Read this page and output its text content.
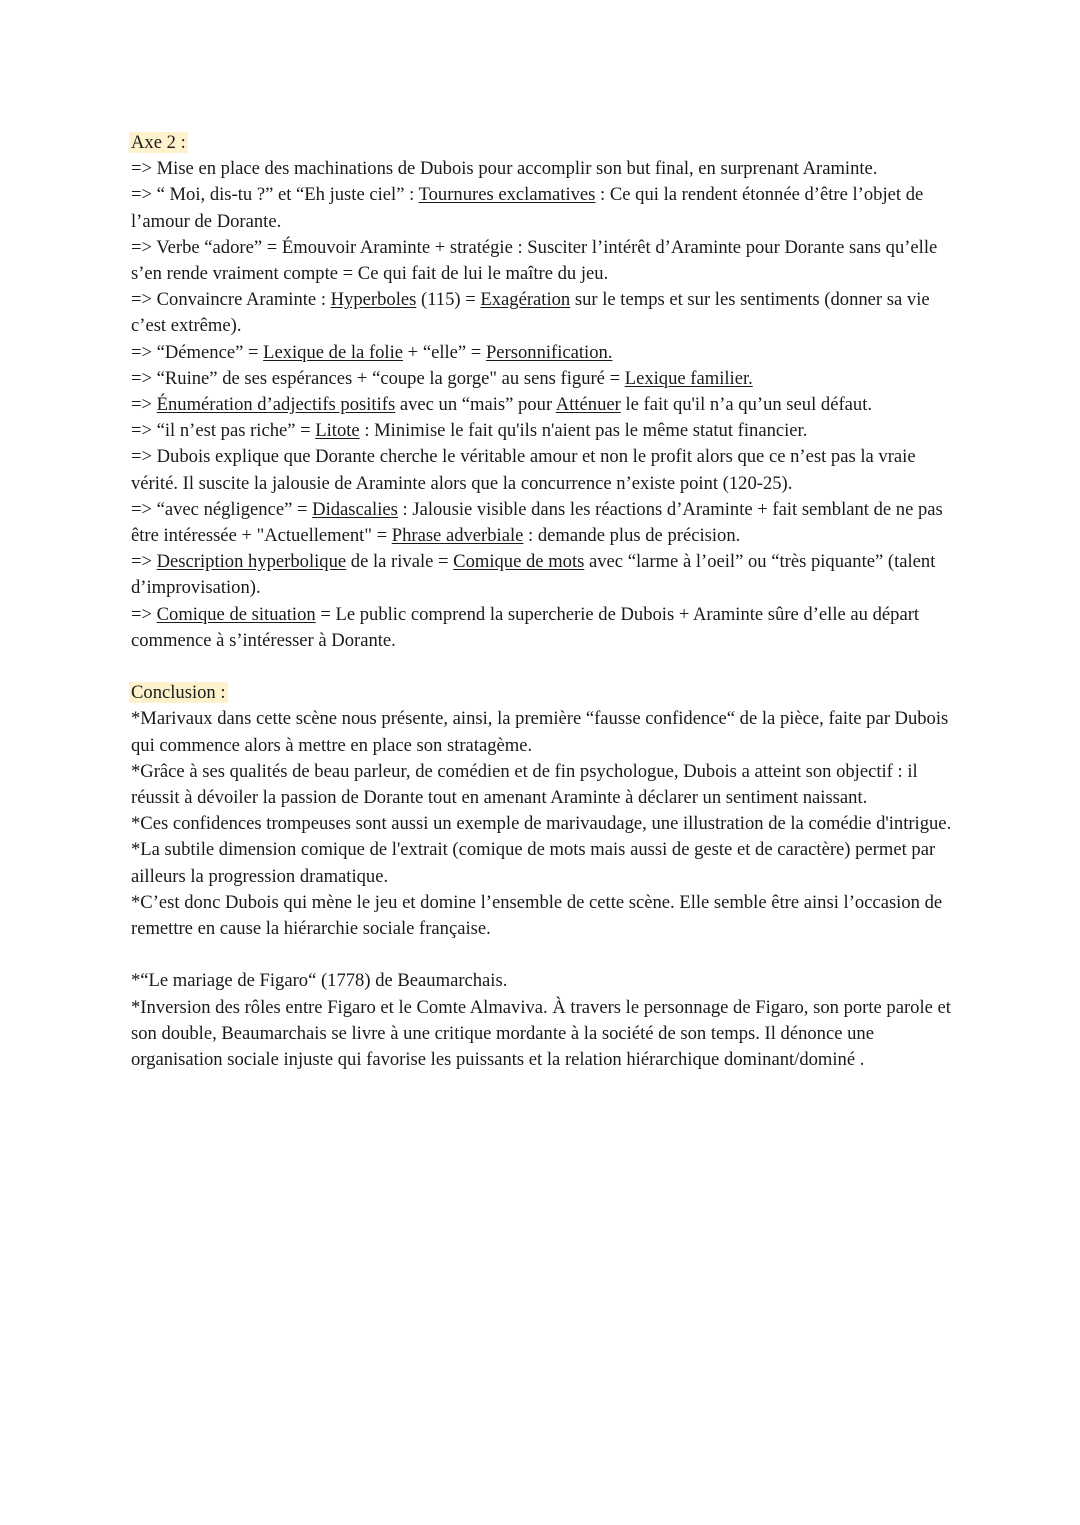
Axe 2 :

=> Mise en place des machinations de Dubois pour accomplir son but final, en surprenant Araminte.

=> “ Moi, dis-tu ?” et “Eh juste ciel” : Tournures exclamatives : Ce qui la rendent étonnée d’être l’objet de l’amour de Dorante.

=> Verbe “adore” = Émouvoir Araminte + stratégie : Susciter l’intérêt d’Araminte pour Dorante sans qu’elle s’en rende vraiment compte = Ce qui fait de lui le maître du jeu.

=> Convaincre Araminte : Hyperboles (115) = Exagération sur le temps et sur les sentiments (donner sa vie c’est extrême).

=> “Démence” = Lexique de la folie + “elle” = Personnification.

=> “Ruine” de ses espérances + “coupe la gorge" au sens figuré = Lexique familier.

=> Énumération d’adjectifs positifs avec un “mais” pour Atténuer le fait qu'il n’a qu’un seul défaut.

=> “il n’est pas riche” = Litote : Minimise le fait qu'ils n'aient pas le même statut financier.

=> Dubois explique que Dorante cherche le véritable amour et non le profit alors que ce n’est pas la vraie vérité. Il suscite la jalousie de Araminte alors que la concurrence n’existe point (120-25).

=> “avec négligence” = Didascalies : Jalousie visible dans les réactions d’Araminte + fait semblant de ne pas être intéressée + "Actuellement" = Phrase adverbiale : demande plus de précision.

=> Description hyperbolique de la rivale = Comique de mots avec “larme à l’oeil” ou “très piquante” (talent d’improvisation).

=> Comique de situation = Le public comprend la supercherie de Dubois + Araminte sûre d’elle au départ commence à s’intéresser à Dorante.

Conclusion :

*Marivaux dans cette scène nous présente, ainsi, la première “fausse confidence“ de la pièce, faite par Dubois qui commence alors à mettre en place son stratagème.

*Grâce à ses qualités de beau parleur, de comédien et de fin psychologue, Dubois a atteint son objectif : il réussit à dévoiler la passion de Dorante tout en amenant Araminte à déclarer un sentiment naissant.

*Ces confidences trompeuses sont aussi un exemple de marivaudage, une illustration de la comédie d'intrigue.

*La subtile dimension comique de l'extrait (comique de mots mais aussi de geste et de caractère) permet par ailleurs la progression dramatique.

*C’est donc Dubois qui mène le jeu et domine l’ensemble de cette scène. Elle semble être ainsi l’occasion de remettre en cause la hiérarchie sociale française.

*“Le mariage de Figaro“ (1778) de Beaumarchais.

*Inversion des rôles entre Figaro et le Comte Almaviva. À travers le personnage de Figaro, son porte parole et son double, Beaumarchais se livre à une critique mordante à la société de son temps. Il dénonce une organisation sociale injuste qui favorise les puissants et la relation hiérarchique dominant/dominé .
